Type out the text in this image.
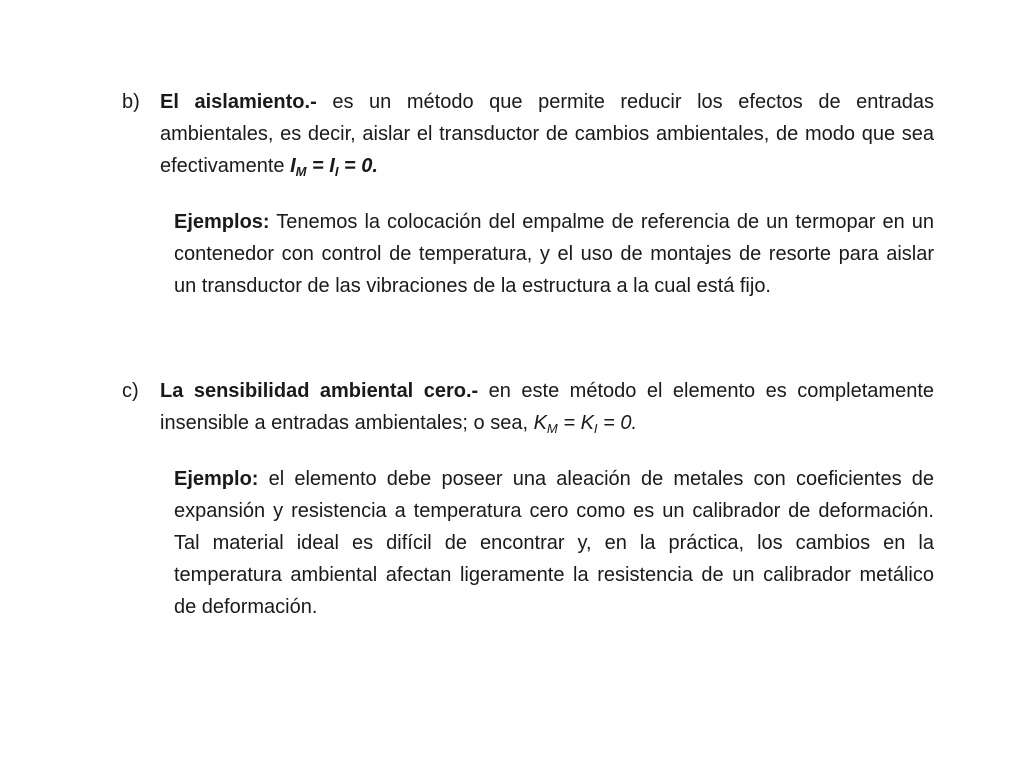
b) El aislamiento.- es un método que permite reducir los efectos de entradas ambientales, es decir, aislar el transductor de cambios ambientales, de modo que sea efectivamente $I_M = I_I = 0$.
Ejemplos: Tenemos la colocación del empalme de referencia de un termopar en un contenedor con control de temperatura, y el uso de montajes de resorte para aislar un transductor de las vibraciones de la estructura a la cual está fijo.
c) La sensibilidad ambiental cero.- en este método el elemento es completamente insensible a entradas ambientales; o sea, $K_M = K_I = 0$.
Ejemplo: el elemento debe poseer una aleación de metales con coeficientes de expansión y resistencia a temperatura cero como es un calibrador de deformación. Tal material ideal es difícil de encontrar y, en la práctica, los cambios en la temperatura ambiental afectan ligeramente la resistencia de un calibrador metálico de deformación.
